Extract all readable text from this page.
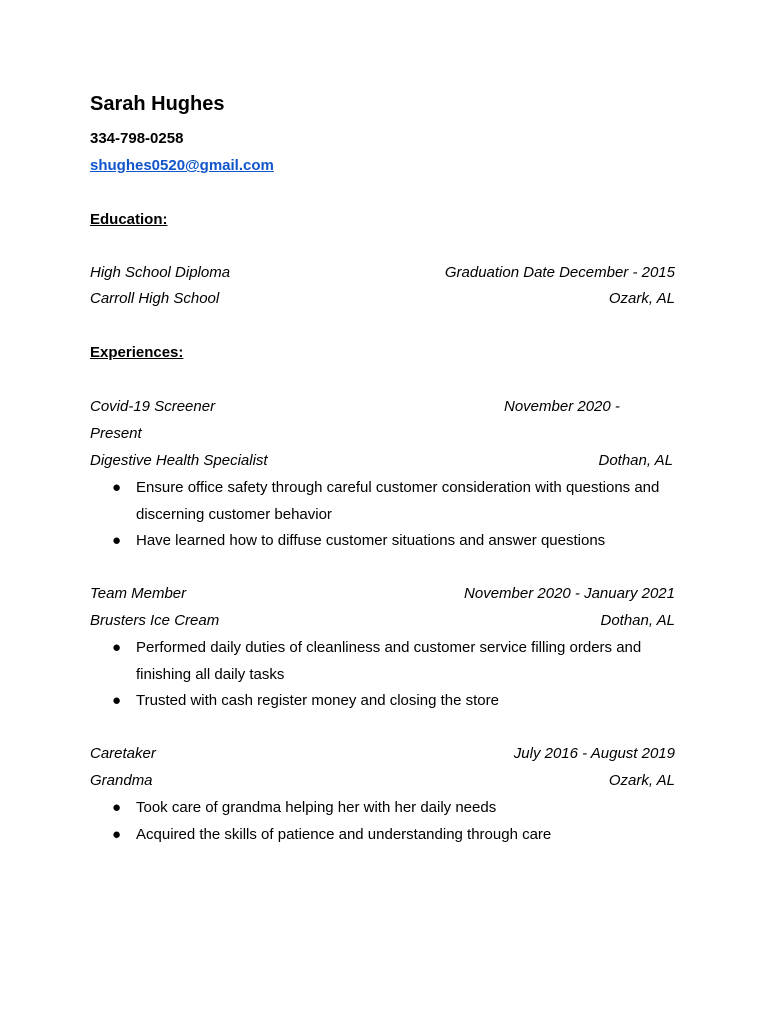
Sarah Hughes
334-798-0258
shughes0520@gmail.com
Education:
High School Diploma	Graduation Date December - 2015
Carroll High School	Ozark, AL
Experiences:
Covid-19 Screener	November 2020 -
Present
Digestive Health Specialist	Dothan, AL
● Ensure office safety through careful customer consideration with questions and discerning customer behavior
● Have learned how to diffuse customer situations and answer questions
Team Member	November 2020 - January 2021
Brusters Ice Cream	Dothan, AL
● Performed daily duties of cleanliness and customer service filling orders and finishing all daily tasks
● Trusted with cash register money and closing the store
Caretaker	July 2016 - August 2019
Grandma	Ozark, AL
● Took care of grandma helping her with her daily needs
● Acquired the skills of patience and understanding through care
